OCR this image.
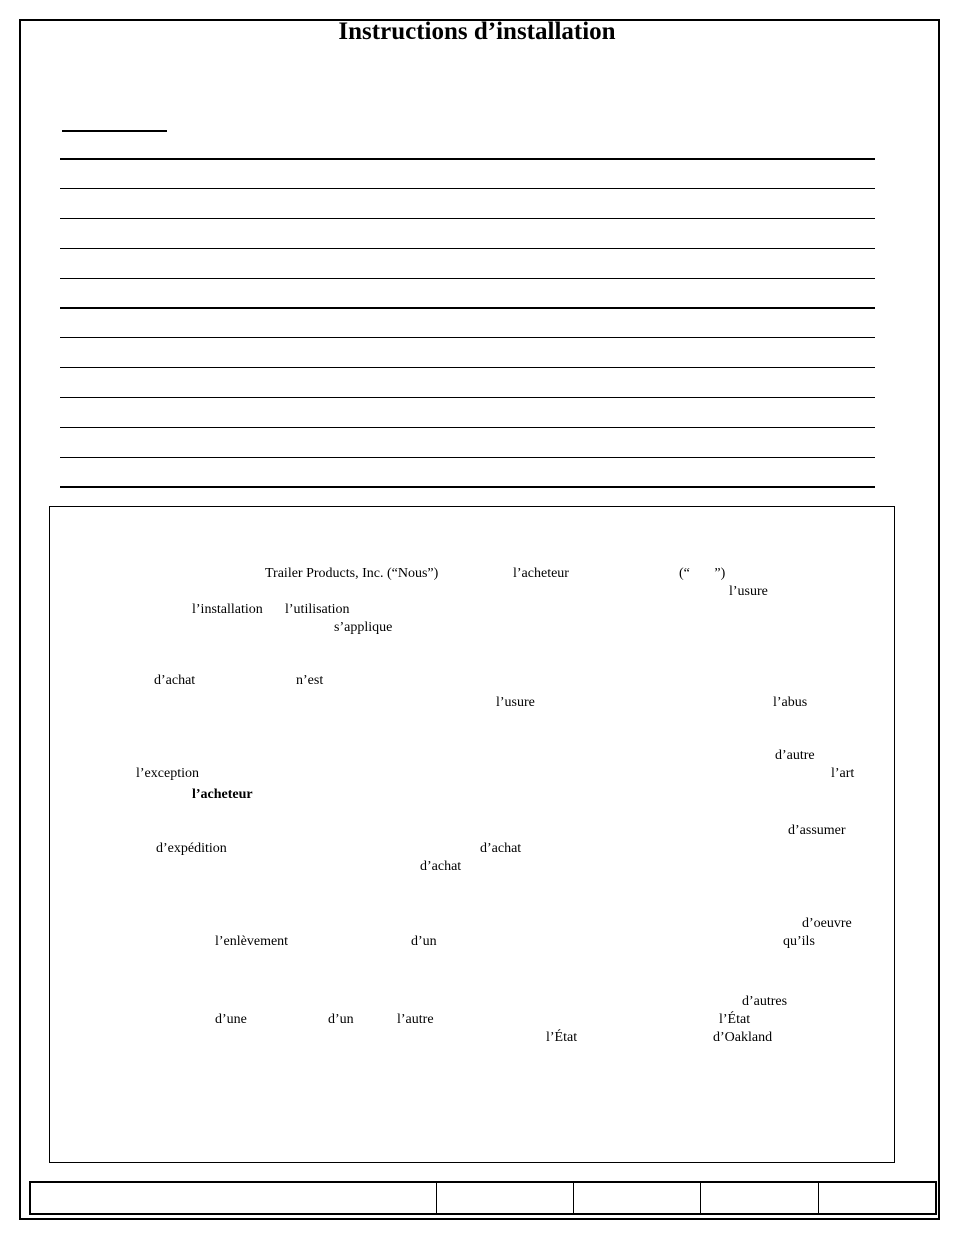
Instructions d’installation
Trailer Products, Inc. (“Nous”)	l’acheteur	(“       ”)
l’usure
l’installation l’utilisation
s’applique
d’achat	n’est
l’usure	l’abus
d’autre
l’exception	l’art
l’acheteur
d’assumer
d’expédition	d’achat
d’achat
d’oeuvre
l’enlèvement	d’un	qu’ils
d’autres
d’une	d’un	l’autre	l’État
l’État	d’Oakland
